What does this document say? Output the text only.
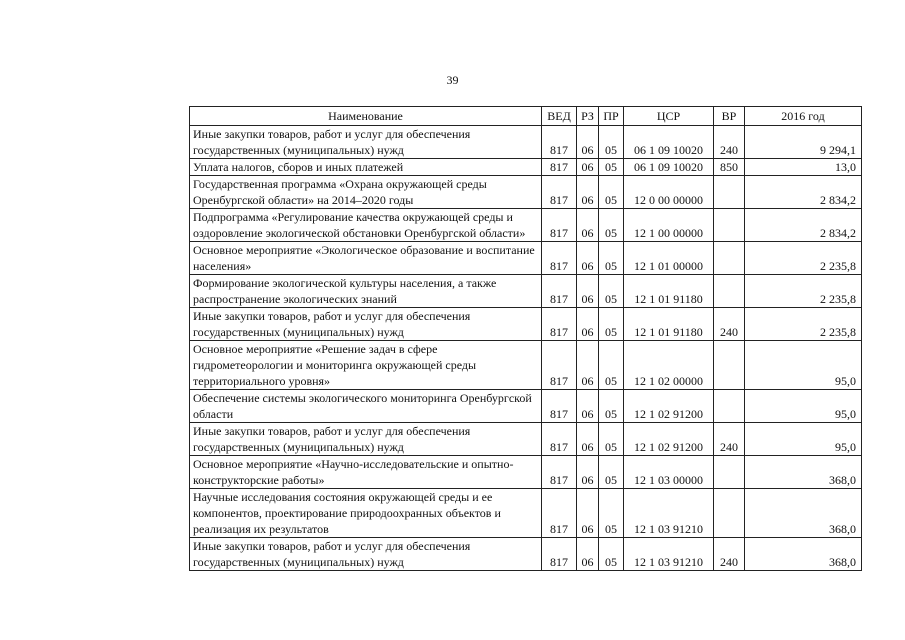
39
Наименование	ВЕД	РЗ	ПР	ЦСР	ВР	2016 год
Иные закупки товаров, работ и услуг для обеспечения государственных (муниципальных) нужд	817	06	05	06 1 09 10020	240	9 294,1
Уплата налогов, сборов и иных платежей	817	06	05	06 1 09 10020	850	13,0
Государственная программа «Охрана окружающей среды Оренбургской области» на 2014–2020 годы	817	06	05	12 0 00 00000		2 834,2
Подпрограмма «Регулирование качества окружающей среды и оздоровление экологической обстановки Оренбургской области»	817	06	05	12 1 00 00000		2 834,2
Основное мероприятие «Экологическое образование и воспитание населения»	817	06	05	12 1 01 00000		2 235,8
Формирование экологической культуры населения, а также распространение экологических знаний	817	06	05	12 1 01 91180		2 235,8
Иные закупки товаров, работ и услуг для обеспечения государственных (муниципальных) нужд	817	06	05	12 1 01 91180	240	2 235,8
Основное мероприятие «Решение задач в сфере гидрометеорологии и мониторинга окружающей среды территориального уровня»	817	06	05	12 1 02 00000		95,0
Обеспечение системы экологического мониторинга Оренбургской области	817	06	05	12 1 02 91200		95,0
Иные закупки товаров, работ и услуг для обеспечения государственных (муниципальных) нужд	817	06	05	12 1 02 91200	240	95,0
Основное мероприятие «Научно-исследовательские и опытно-конструкторские работы»	817	06	05	12 1 03 00000		368,0
Научные исследования состояния окружающей среды и ее компонентов, проектирование природоохранных объектов и реализация их результатов	817	06	05	12 1 03 91210		368,0
Иные закупки товаров, работ и услуг для обеспечения государственных (муниципальных) нужд	817	06	05	12 1 03 91210	240	368,0
